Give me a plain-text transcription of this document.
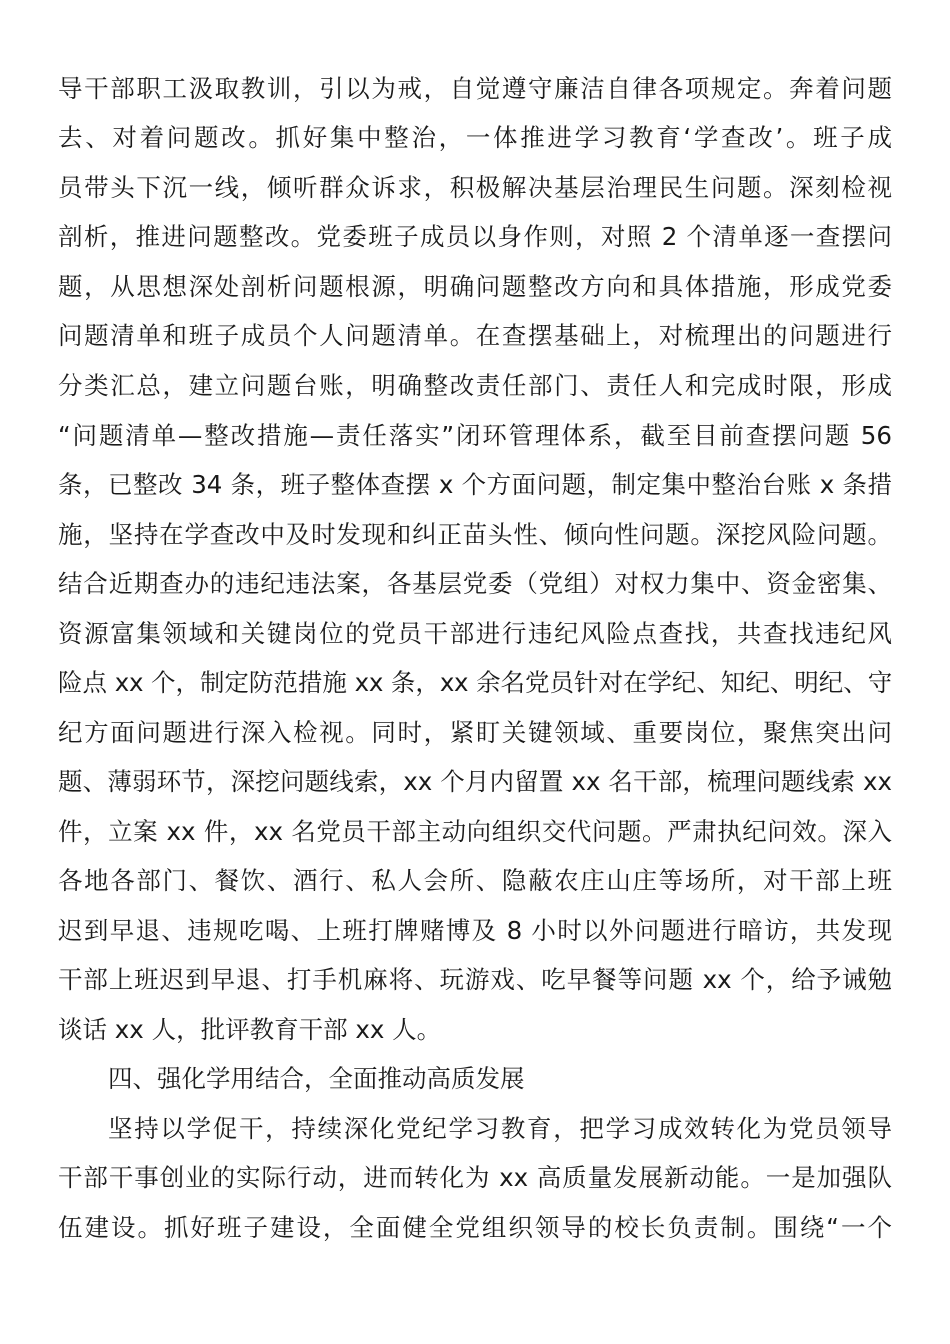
导干部职工汲取教训，引以为戒，自觉遵守廉洁自律各项规定。奔着问题
去、对着问题改。抓好集中整治，一体推进学习教育‘学查改’。班子成
员带头下沉一线，倾听群众诉求，积极解决基层治理民生问题。深刻检视
剖析，推进问题整改。党委班子成员以身作则，对照 2 个清单逐一查摆问
题，从思想深处剖析问题根源，明确问题整改方向和具体措施，形成党委
问题清单和班子成员个人问题清单。在查摆基础上，对梳理出的问题进行
分类汇总，建立问题台账，明确整改责任部门、责任人和完成时限，形成
“问题清单—整改措施—责任落实”闭环管理体系，截至目前查摆问题 56
条，已整改 34 条，班子整体查摆 x 个方面问题，制定集中整治台账 x 条措
施，坚持在学查改中及时发现和纠正苗头性、倾向性问题。深挖风险问题。
结合近期查办的违纪违法案，各基层党委（党组）对权力集中、资金密集、
资源富集领域和关键岗位的党员干部进行违纪风险点查找，共查找违纪风
险点 xx 个，制定防范措施 xx 条，xx 余名党员针对在学纪、知纪、明纪、守
纪方面问题进行深入检视。同时，紧盯关键领域、重要岗位，聚焦突出问
题、薄弱环节，深挖问题线索，xx 个月内留置 xx 名干部，梳理问题线索 xx
件，立案 xx 件，xx 名党员干部主动向组织交代问题。严肃执纪问效。深入
各地各部门、餐饮、酒行、私人会所、隐蔽农庄山庄等场所，对干部上班
迟到早退、违规吃喝、上班打牌赌博及 8 小时以外问题进行暗访，共发现
干部上班迟到早退、打手机麻将、玩游戏、吃早餐等问题 xx 个，给予诫勉
谈话 xx 人，批评教育干部 xx 人。
四、强化学用结合，全面推动高质发展
坚持以学促干，持续深化党纪学习教育，把学习成效转化为党员领导
干部干事创业的实际行动，进而转化为 xx 高质量发展新动能。一是加强队
伍建设。抓好班子建设，全面健全党组织领导的校长负责制。围绕“一个
